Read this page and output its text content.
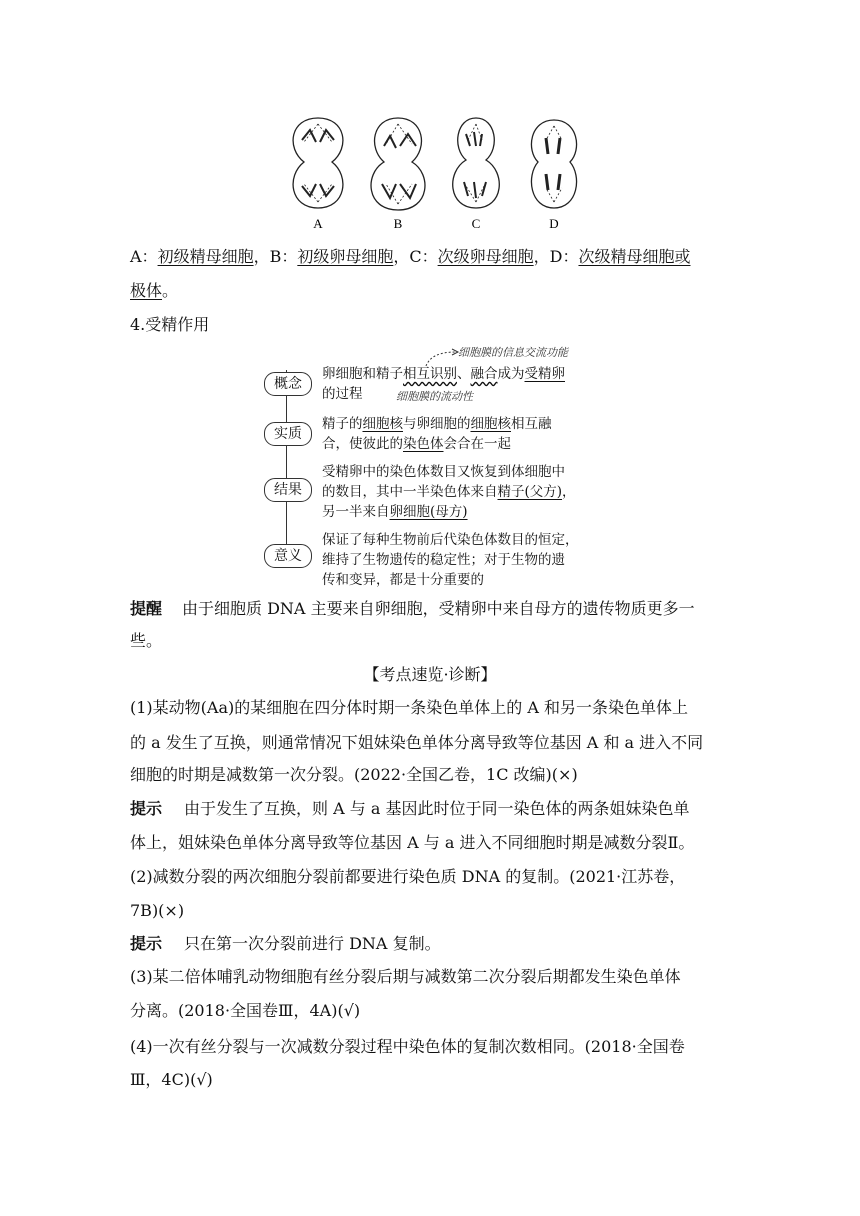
A	B	C	D
A：初级精母细胞，B：初级卵母细胞，C：次级卵母细胞，D：次级精母细胞或
极体。
4.受精作用
概念
实质
结果
意义
细胞膜的信息交流功能
细胞膜的流动性
卵细胞和精子相互识别、融合成为受精卵
的过程
精子的细胞核与卵细胞的细胞核相互融
合，使彼此的染色体会合在一起
受精卵中的染色体数目又恢复到体细胞中
的数目，其中一半染色体来自精子(父方)，
另一半来自卵细胞(母方)
保证了每种生物前后代染色体数目的恒定，
维持了生物遗传的稳定性；对于生物的遗
传和变异，都是十分重要的
提醒 由于细胞质 DNA 主要来自卵细胞，受精卵中来自母方的遗传物质更多一
些。
【考点速览·诊断】
(1)某动物(Aa)的某细胞在四分体时期一条染色单体上的 A 和另一条染色单体上
的 a 发生了互换，则通常情况下姐妹染色单体分离导致等位基因 A 和 a 进入不同
细胞的时期是减数第一次分裂。(2022·全国乙卷，1C 改编)(×)
提示 由于发生了互换，则 A 与 a 基因此时位于同一染色体的两条姐妹染色单
体上，姐妹染色单体分离导致等位基因 A 与 a 进入不同细胞时期是减数分裂Ⅱ。
(2)减数分裂的两次细胞分裂前都要进行染色质 DNA 的复制。(2021·江苏卷，
7B)(×)
提示 只在第一次分裂前进行 DNA 复制。
(3)某二倍体哺乳动物细胞有丝分裂后期与减数第二次分裂后期都发生染色单体
分离。(2018·全国卷Ⅲ，4A)(√)
(4)一次有丝分裂与一次减数分裂过程中染色体的复制次数相同。(2018·全国卷
Ⅲ，4C)(√)
